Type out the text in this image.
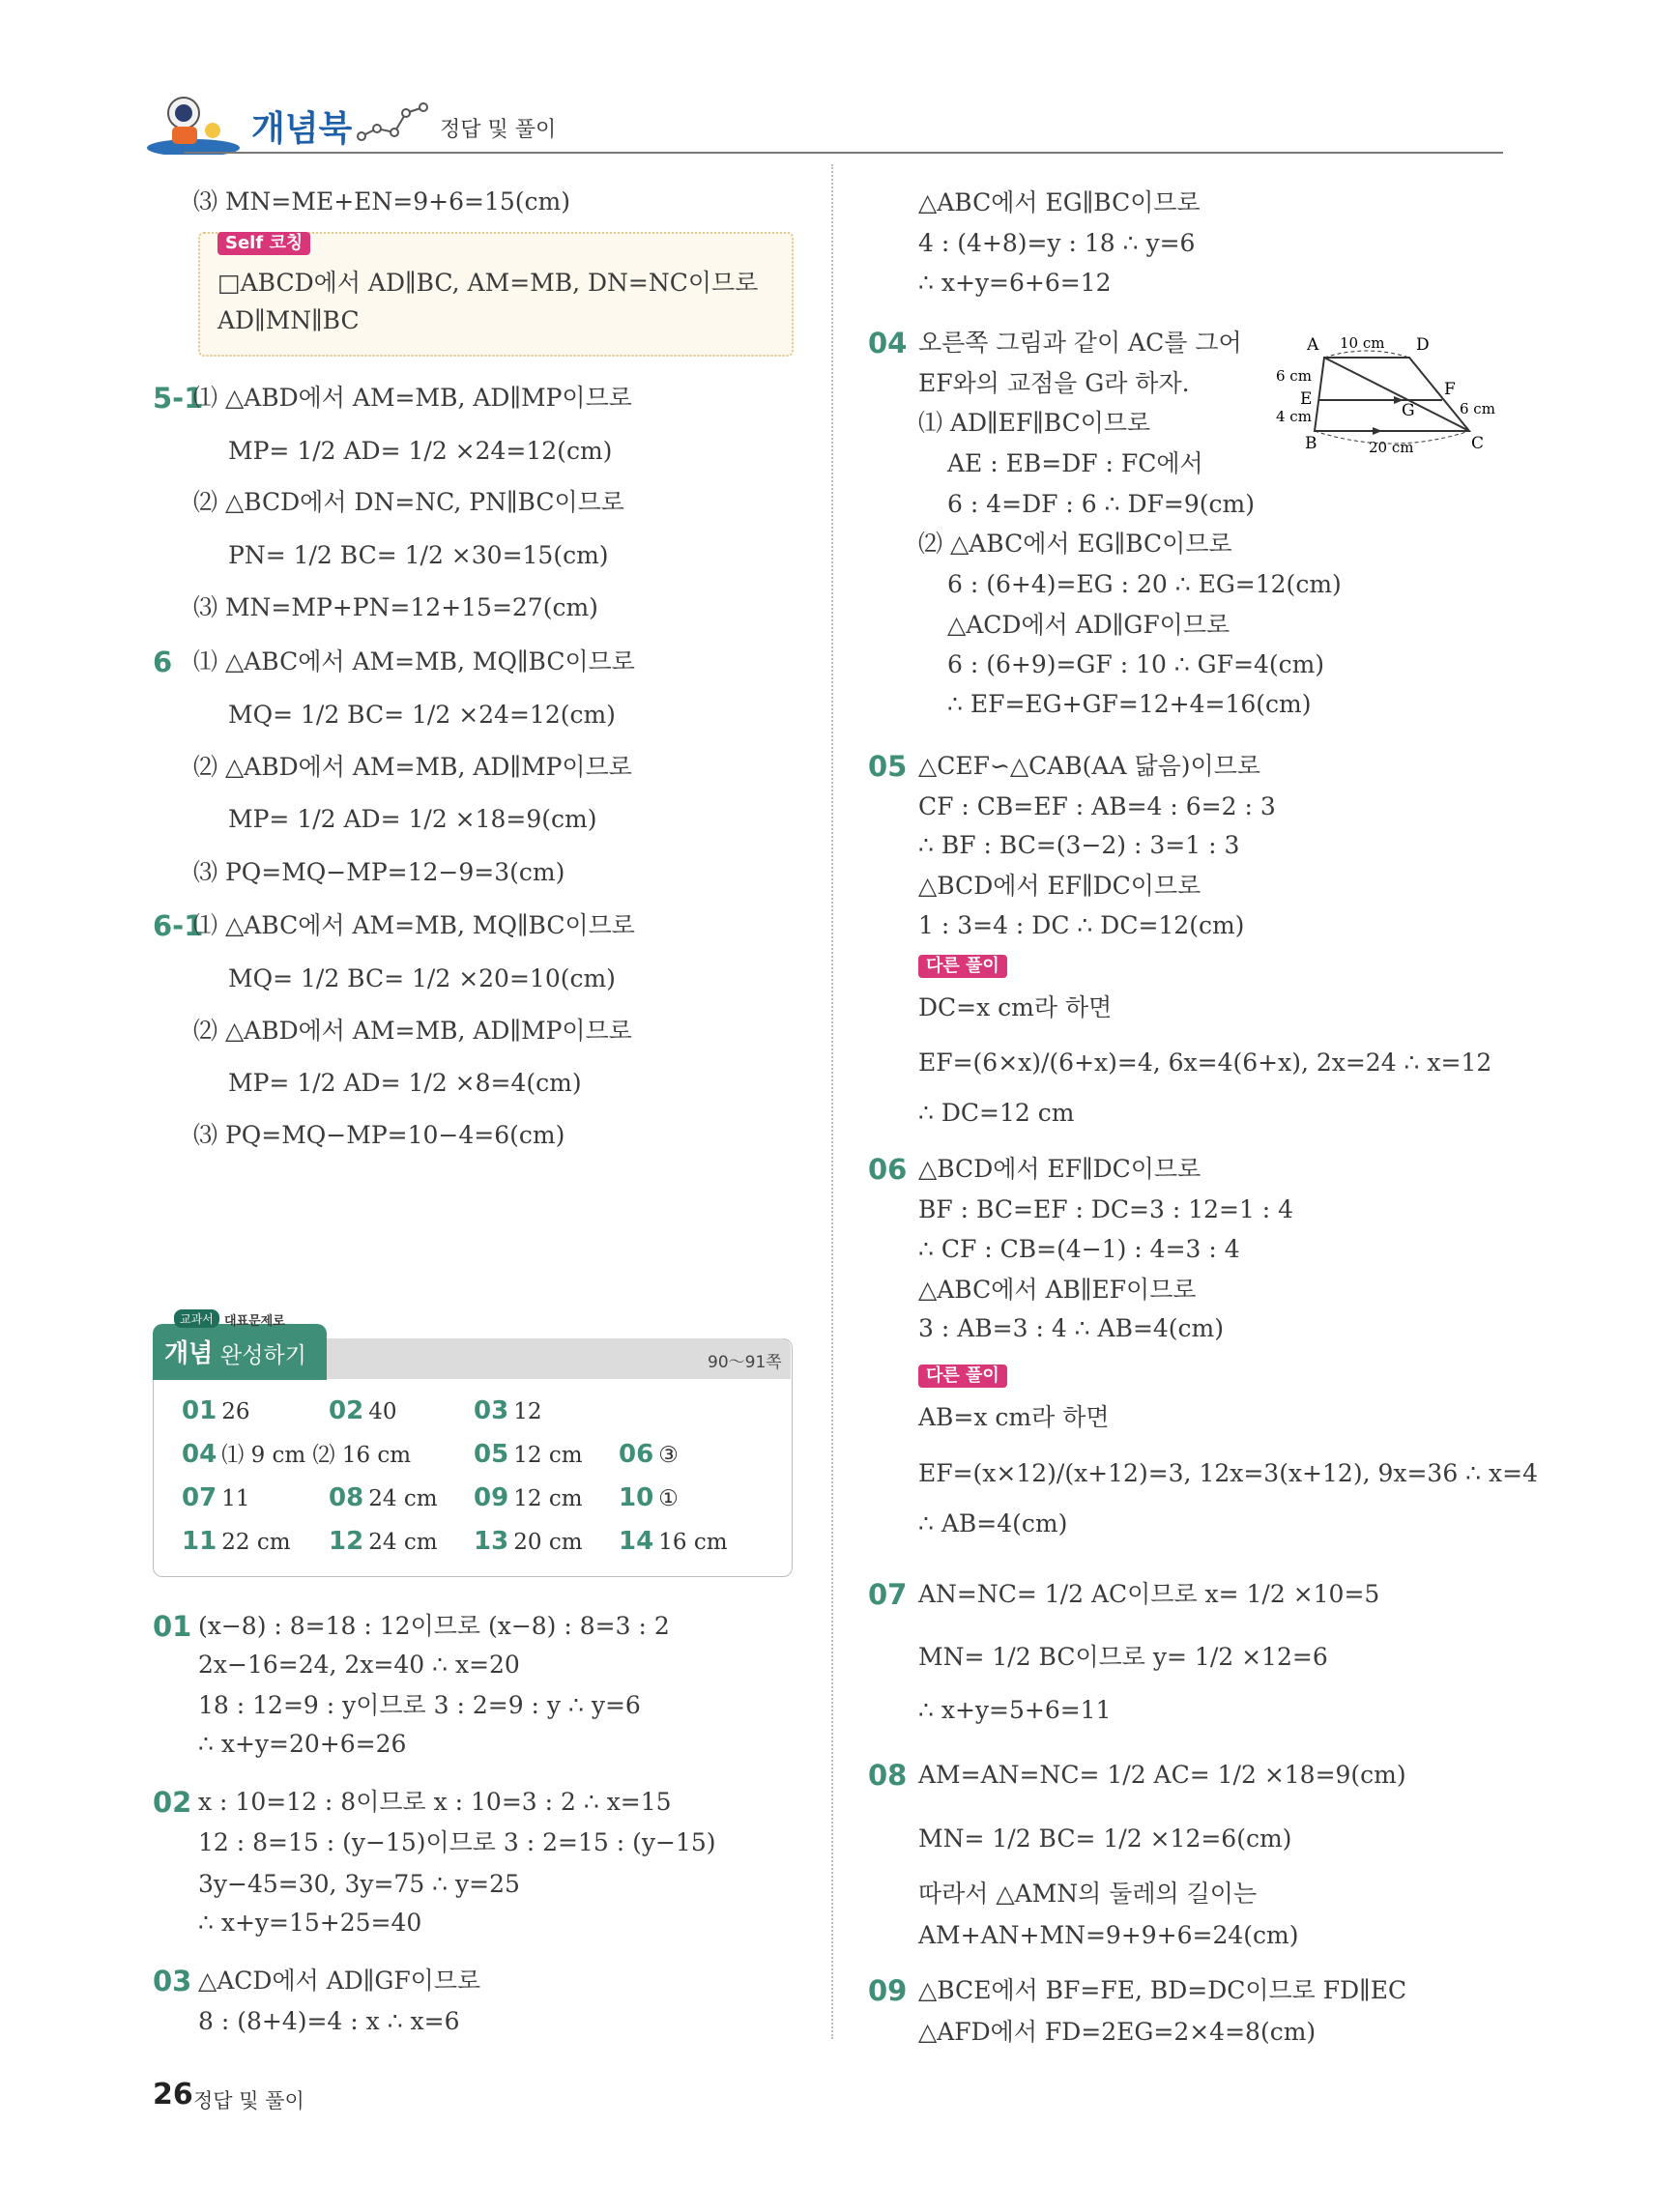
개념북	정답 및 풀이
⑶ MN=ME+EN=9+6=15(cm)
Self 코칭
□ABCD에서 AD∥BC, AM=MB, DN=NC이므로
AD∥MN∥BC
5-1
⑴ △ABD에서 AM=MB, AD∥MP이므로
MP= 1/2 AD= 1/2 ×24=12(cm)
⑵ △BCD에서 DN=NC, PN∥BC이므로
PN= 1/2 BC= 1/2 ×30=15(cm)
⑶ MN=MP+PN=12+15=27(cm)
6 ⑴ △ABC에서 AM=MB, MQ∥BC이므로
MQ= 1/2 BC= 1/2 ×24=12(cm)
⑵ △ABD에서 AM=MB, AD∥MP이므로
MP= 1/2 AD= 1/2 ×18=9(cm)
⑶ PQ=MQ−MP=12−9=3(cm)
6-1
⑴ △ABC에서 AM=MB, MQ∥BC이므로
MQ= 1/2 BC= 1/2 ×20=10(cm)
⑵ △ABD에서 AM=MB, AD∥MP이므로
MP= 1/2 AD= 1/2 ×8=4(cm)
⑶ PQ=MQ−MP=10−4=6(cm)
교과서 대표문제로
개념 완성하기	90～91쪽
01 26	02 40	03 12
04 ⑴ 9 cm ⑵ 16 cm 05 12 cm 06 ③
07 11	08 24 cm 09 12 cm 10 ①
11 22 cm 12 24 cm 13 20 cm 14 16 cm
01 (x−8) : 8=18 : 12이므로 (x−8) : 8=3 : 2
2x−16=24, 2x=40 ∴ x=20
18 : 12=9 : y이므로 3 : 2=9 : y ∴ y=6
∴ x+y=20+6=26
02 x : 10=12 : 8이므로 x : 10=3 : 2 ∴ x=15
12 : 8=15 : (y−15)이므로 3 : 2=15 : (y−15)
3y−45=30, 3y=75 ∴ y=25
∴ x+y=15+25=40
03 △ACD에서 AD∥GF이므로
8 : (8+4)=4 : x ∴ x=6
△ABC에서 EG∥BC이므로
4 : (4+8)=y : 18 ∴ y=6
∴ x+y=6+6=12
04 오른쪽 그림과 같이 AC를 그어
EF와의 교점을 G라 하자.
⑴ AD∥EF∥BC이므로
AE : EB=DF : FC에서
6 : 4=DF : 6 ∴ DF=9(cm)
⑵ △ABC에서 EG∥BC이므로
6 : (6+4)=EG : 20 ∴ EG=12(cm)
△ACD에서 AD∥GF이므로
6 : (6+9)=GF : 10 ∴ GF=4(cm)
∴ EF=EG+GF=12+4=16(cm)
A	D
E	F
G
B	C
10 cm
20 cm
6 cm
4 cm	6 cm
05 △CEF∽△CAB(AA 닮음)이므로
CF : CB=EF : AB=4 : 6=2 : 3
∴ BF : BC=(3−2) : 3=1 : 3
△BCD에서 EF∥DC이므로
1 : 3=4 : DC ∴ DC=12(cm)
다른 풀이
DC=x cm라 하면
EF=(6×x)/(6+x)=4, 6x=4(6+x), 2x=24 ∴ x=12
∴ DC=12 cm
06 △BCD에서 EF∥DC이므로
BF : BC=EF : DC=3 : 12=1 : 4
∴ CF : CB=(4−1) : 4=3 : 4
△ABC에서 AB∥EF이므로
3 : AB=3 : 4 ∴ AB=4(cm)
다른 풀이
AB=x cm라 하면
EF=(x×12)/(x+12)=3, 12x=3(x+12), 9x=36 ∴ x=4
∴ AB=4(cm)
07 AN=NC= 1/2 AC이므로 x= 1/2 ×10=5
MN= 1/2 BC이므로 y= 1/2 ×12=6
∴ x+y=5+6=11
08 AM=AN=NC= 1/2 AC= 1/2 ×18=9(cm)
MN= 1/2 BC= 1/2 ×12=6(cm)
따라서 △AMN의 둘레의 길이는
AM+AN+MN=9+9+6=24(cm)
09 △BCE에서 BF=FE, BD=DC이므로 FD∥EC
△AFD에서 FD=2EG=2×4=8(cm)
26 정답 및 풀이
